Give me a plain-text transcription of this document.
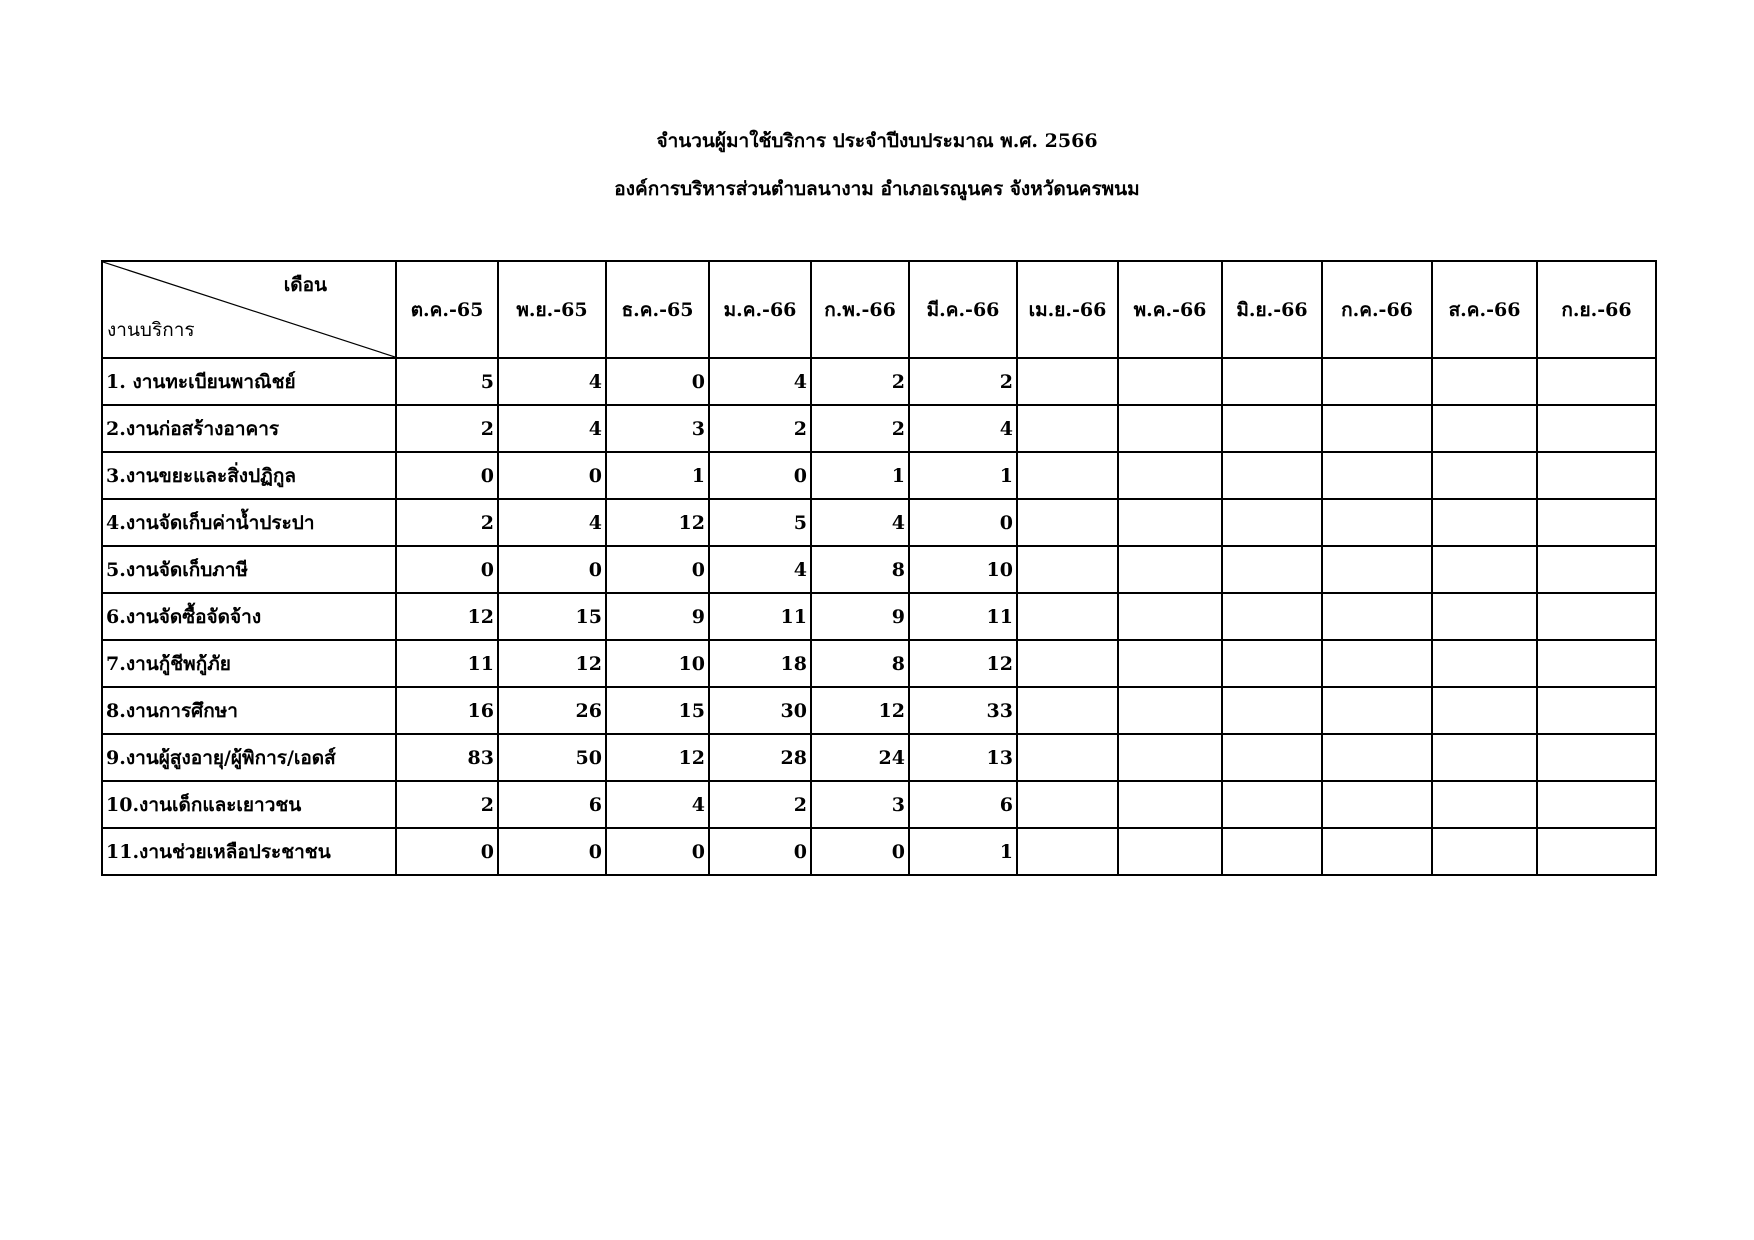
จำนวนผู้มาใช้บริการ ประจำปีงบประมาณ พ.ศ. 2566
องค์การบริหารส่วนตำบลนางาม อำเภอเรณูนคร จังหวัดนครพนม
เดือน
งานบริการ	ต.ค.-65	พ.ย.-65	ธ.ค.-65	ม.ค.-66	ก.พ.-66	มี.ค.-66	เม.ย.-66	พ.ค.-66	มิ.ย.-66	ก.ค.-66	ส.ค.-66	ก.ย.-66
1. งานทะเบียนพาณิชย์	5	4	0	4	2	2						
2.งานก่อสร้างอาคาร	2	4	3	2	2	4						
3.งานขยะและสิ่งปฏิกูล	0	0	1	0	1	1						
4.งานจัดเก็บค่าน้ำประปา	2	4	12	5	4	0						
5.งานจัดเก็บภาษี	0	0	0	4	8	10						
6.งานจัดซื้อจัดจ้าง	12	15	9	11	9	11						
7.งานกู้ชีพกู้ภัย	11	12	10	18	8	12						
8.งานการศึกษา	16	26	15	30	12	33						
9.งานผู้สูงอายุ/ผู้พิการ/เอดส์	83	50	12	28	24	13						
10.งานเด็กและเยาวชน	2	6	4	2	3	6						
11.งานช่วยเหลือประชาชน	0	0	0	0	0	1						
